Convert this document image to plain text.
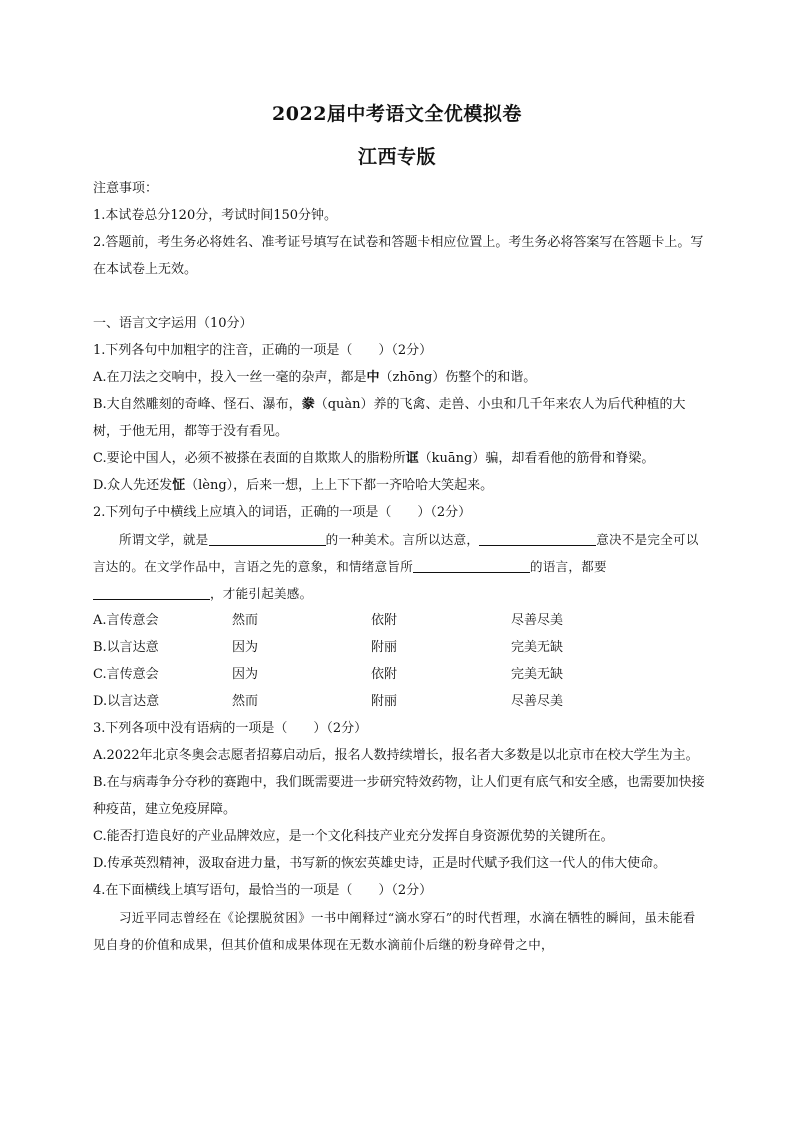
2022届中考语文全优模拟卷
江西专版
注意事项：
1.本试卷总分120分，考试时间150分钟。
2.答题前，考生务必将姓名、准考证号填写在试卷和答题卡相应位置上。考生务必将答案写在答题卡上。写在本试卷上无效。
一、语言文字运用（10分）
1.下列各句中加粗字的注音，正确的一项是（　　）（2分）
A.在刀法之交响中，投入一丝一毫的杂声，都是中（zhōng）伤整个的和谐。
B.大自然雕刻的奇峰、怪石、瀑布，豢（quàn）养的飞禽、走兽、小虫和几千年来农人为后代种植的大树，于他无用，都等于没有看见。
C.要论中国人，必须不被搽在表面的自欺欺人的脂粉所诓（kuāng）骗，却看看他的筋骨和脊梁。
D.众人先还发怔（lèng），后来一想，上上下下都一齐哈哈大笑起来。
2.下列句子中横线上应填入的词语，正确的一项是（　　）（2分）
所谓文学，就是	的一种美术。言所以达意，	意决不是完全可以言达的。在文学作品中，言语之先的意象，和情绪意旨所	的语言，都要，才能引起美感。
A.言传意会	然而	依附	尽善尽美
B.以言达意	因为	附丽	完美无缺
C.言传意会	因为	依附	完美无缺
D.以言达意	然而	附丽	尽善尽美
3.下列各项中没有语病的一项是（　　）（2分）
A.2022年北京冬奥会志愿者招募启动后，报名人数持续增长，报名者大多数是以北京市在校大学生为主。
B.在与病毒争分夺秒的赛跑中，我们既需要进一步研究特效药物，让人们更有底气和安全感，也需要加快接种疫苗，建立免疫屏障。
C.能否打造良好的产业品牌效应，是一个文化科技产业充分发挥自身资源优势的关键所在。
D.传承英烈精神，汲取奋进力量，书写新的恢宏英雄史诗，正是时代赋予我们这一代人的伟大使命。
4.在下面横线上填写语句，最恰当的一项是（　　）（2分）
习近平同志曾经在《论摆脱贫困》一书中阐释过“滴水穿石”的时代哲理，水滴在牺牲的瞬间，虽未能看见自身的价值和成果，但其价值和成果体现在无数水滴前仆后继的粉身碎骨之中，
